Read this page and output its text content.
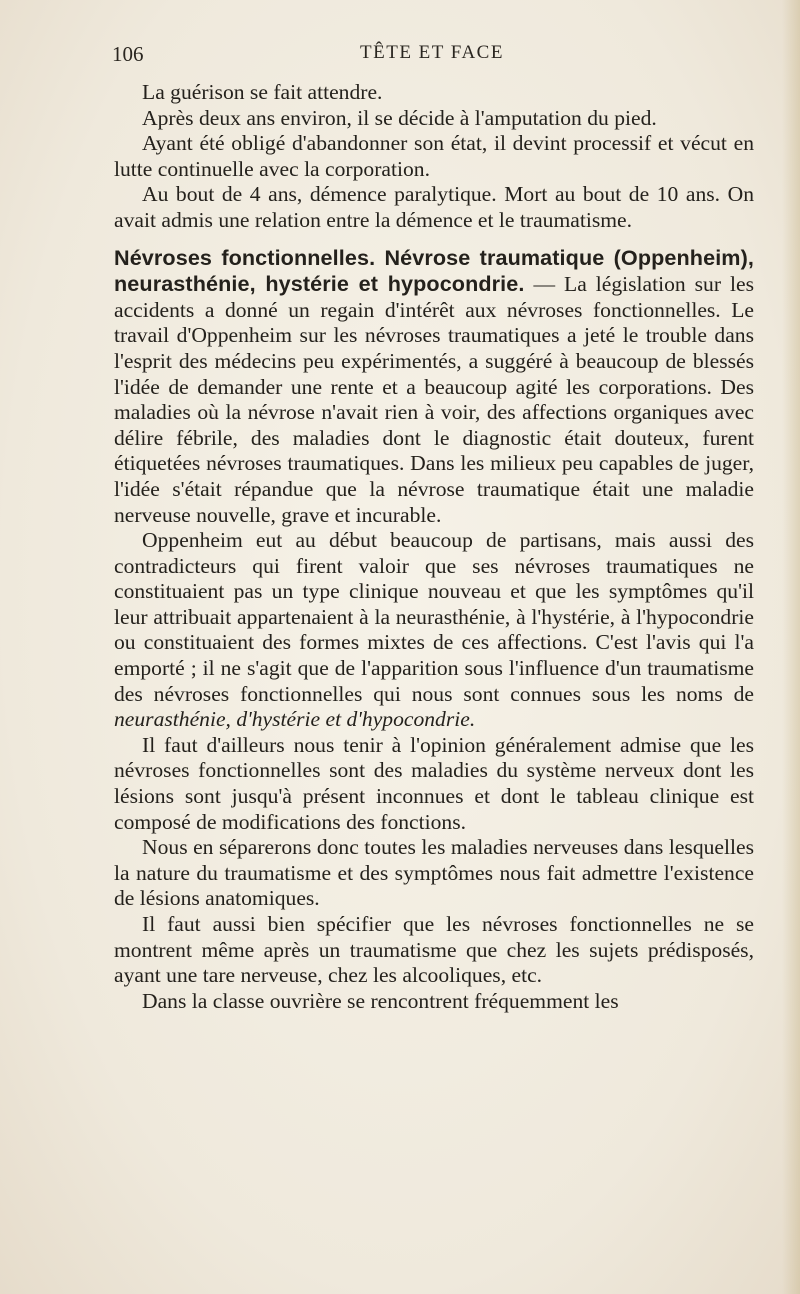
106	TÊTE ET FACE

La guérison se fait attendre.

Après deux ans environ, il se décide à l'amputation du pied.

Ayant été obligé d'abandonner son état, il devint processif et vécut en lutte continuelle avec la corporation.

Au bout de 4 ans, démence paralytique. Mort au bout de 10 ans. On avait admis une relation entre la démence et le traumatisme.

Névroses fonctionnelles. Névrose traumatique (Oppenheim), neurasthénie, hystérie et hypocondrie. — La législation sur les accidents a donné un regain d'intérêt aux névroses fonctionnelles. Le travail d'Oppenheim sur les névroses traumatiques a jeté le trouble dans l'esprit des médecins peu expérimentés, a suggéré à beaucoup de blessés l'idée de demander une rente et a beaucoup agité les corporations. Des maladies où la névrose n'avait rien à voir, des affections organiques avec délire fébrile, des maladies dont le diagnostic était douteux, furent étiquetées névroses traumatiques. Dans les milieux peu capables de juger, l'idée s'était répandue que la névrose traumatique était une maladie nerveuse nouvelle, grave et incurable.

Oppenheim eut au début beaucoup de partisans, mais aussi des contradicteurs qui firent valoir que ses névroses traumatiques ne constituaient pas un type clinique nouveau et que les symptômes qu'il leur attribuait appartenaient à la neurasthénie, à l'hystérie, à l'hypocondrie ou constituaient des formes mixtes de ces affections. C'est l'avis qui l'a emporté ; il ne s'agit que de l'apparition sous l'influence d'un traumatisme des névroses fonctionnelles qui nous sont connues sous les noms de neurasthénie, d'hystérie et d'hypocondrie.

Il faut d'ailleurs nous tenir à l'opinion généralement admise que les névroses fonctionnelles sont des maladies du système nerveux dont les lésions sont jusqu'à présent inconnues et dont le tableau clinique est composé de modifications des fonctions.

Nous en séparerons donc toutes les maladies nerveuses dans lesquelles la nature du traumatisme et des symptômes nous fait admettre l'existence de lésions anatomiques.

Il faut aussi bien spécifier que les névroses fonctionnelles ne se montrent même après un traumatisme que chez les sujets prédisposés, ayant une tare nerveuse, chez les alcooliques, etc.

Dans la classe ouvrière se rencontrent fréquemment les
